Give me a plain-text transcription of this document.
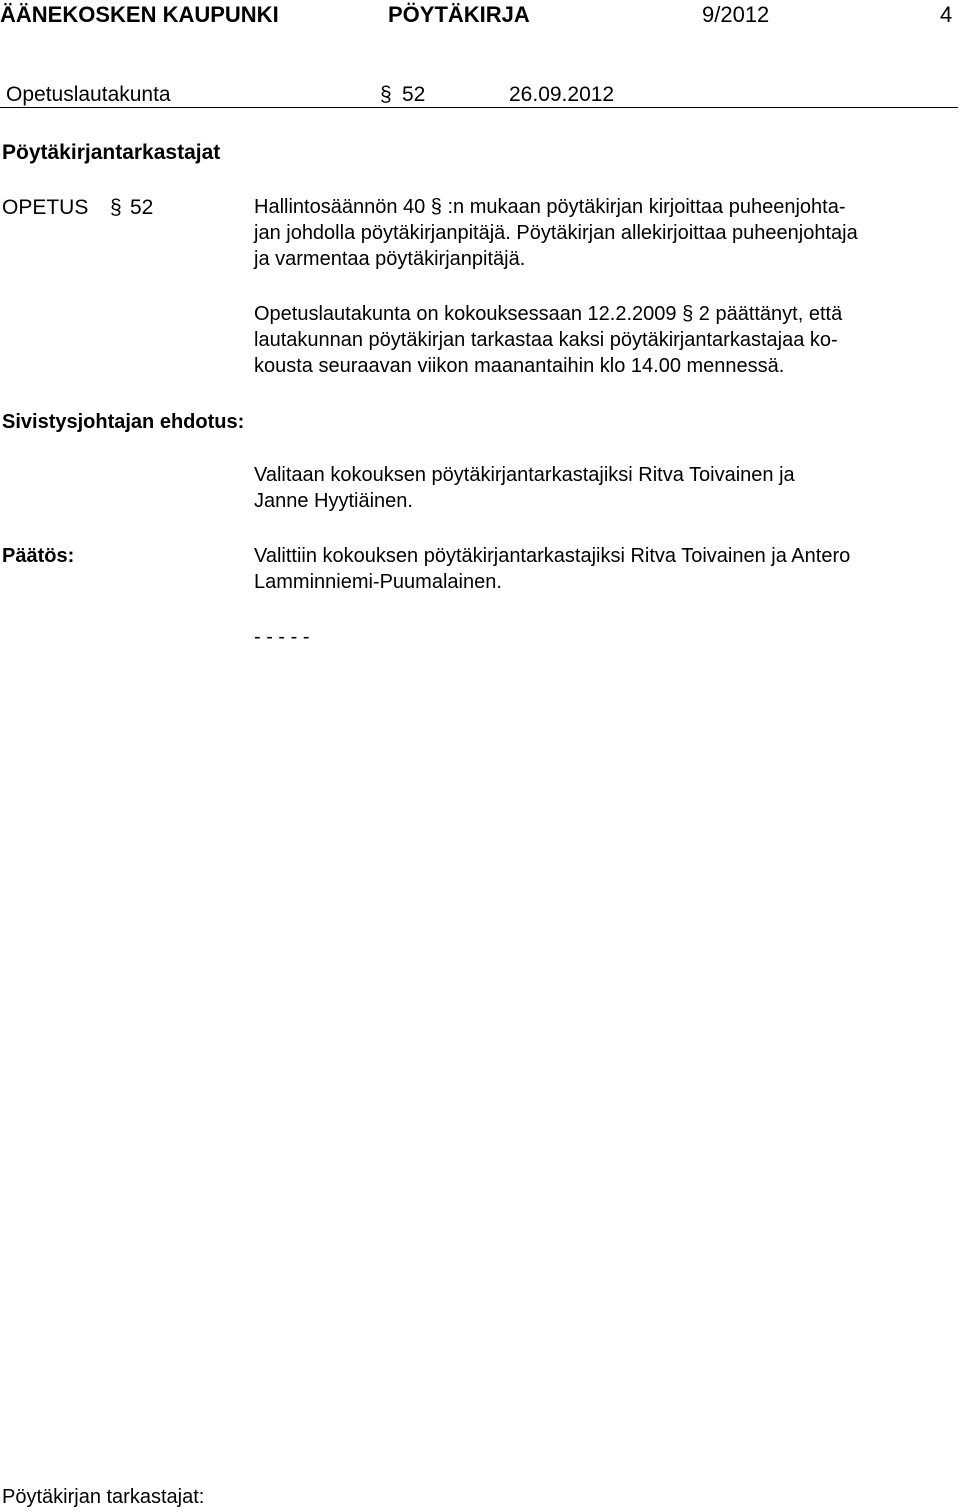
ÄÄNEKOSKEN KAUPUNKI	PÖYTÄKIRJA	9/2012	4
Opetuslautakunta	§ 52	26.09.2012
Pöytäkirjantarkastajat
OPETUS § 52	Hallintosäännön 40 § :n mukaan pöytäkirjan kirjoittaa puheenjohta-
jan johdolla pöytäkirjanpitäjä. Pöytäkirjan allekirjoittaa puheenjohtaja
ja varmentaa pöytäkirjanpitäjä.
Opetuslautakunta on kokouksessaan 12.2.2009 § 2 päättänyt, että
lautakunnan pöytäkirjan tarkastaa kaksi pöytäkirjantarkastajaa ko-
kousta seuraavan viikon maanantaihin klo 14.00 mennessä.
Sivistysjohtajan ehdotus:
Valitaan kokouksen pöytäkirjantarkastajiksi Ritva Toivainen ja
Janne Hyytiäinen.
Päätös:	Valittiin kokouksen pöytäkirjantarkastajiksi Ritva Toivainen ja Antero
Lamminniemi-Puumalainen.
- - - - -
Pöytäkirjan tarkastajat:
